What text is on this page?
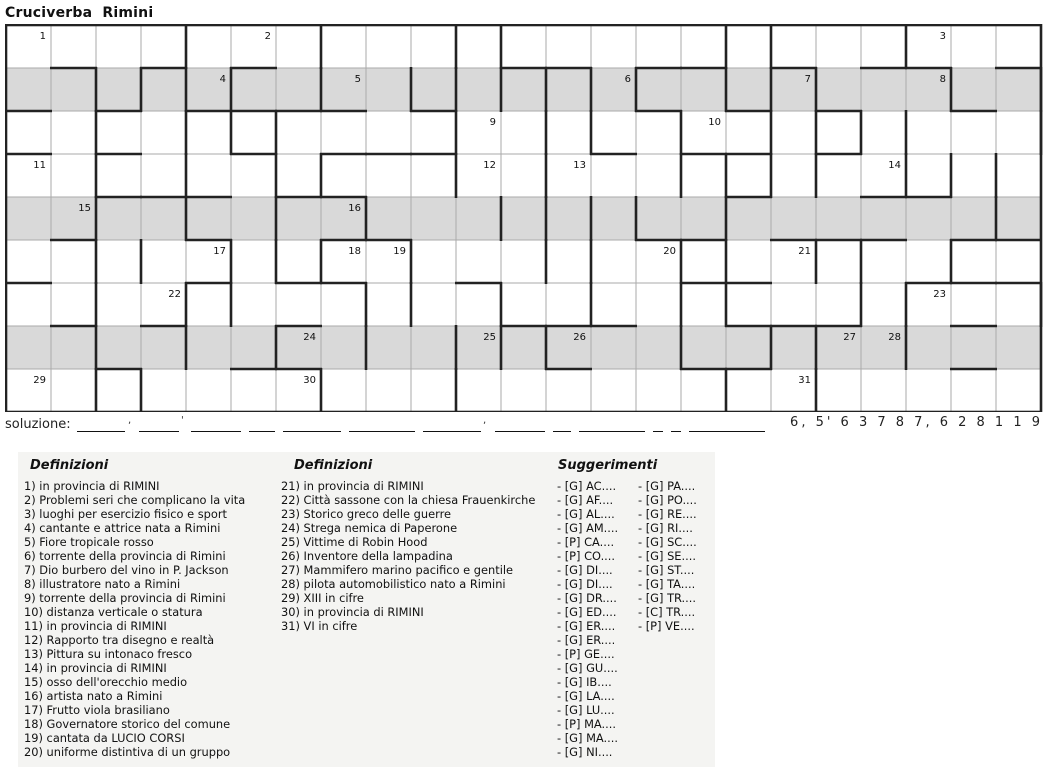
Cruciverba  Rimini
1	2	3
4	5	6	7	8
9	10
11	12	13	14
15	16
17	18	19	20	21
22	23
24	25	26	27	28
29	30	31
soluzione:	,	'	,	6, 5' 6 3 7 8 7, 6 2 8 1 1 9
Definizioni
1) in provincia di RIMINI
2) Problemi seri che complicano la vita
3) luoghi per esercizio fisico e sport
4) cantante e attrice nata a Rimini
5) Fiore tropicale rosso
6) torrente della provincia di Rimini
7) Dio burbero del vino in P. Jackson
8) illustratore nato a Rimini
9) torrente della provincia di Rimini
10) distanza verticale o statura
11) in provincia di RIMINI
12) Rapporto tra disegno e realtà
13) Pittura su intonaco fresco
14) in provincia di RIMINI
15) osso dell'orecchio medio
16) artista nato a Rimini
17) Frutto viola brasiliano
18) Governatore storico del comune
19) cantata da LUCIO CORSI
20) uniforme distintiva di un gruppo
Definizioni
21) in provincia di RIMINI
22) Città sassone con la chiesa Frauenkirche
23) Storico greco delle guerre
24) Strega nemica di Paperone
25) Vittime di Robin Hood
26) Inventore della lampadina
27) Mammifero marino pacifico e gentile
28) pilota automobilistico nato a Rimini
29) XIII in cifre
30) in provincia di RIMINI
31) VI in cifre
Suggerimenti
- [G] AC....
- [G] AF....
- [G] AL....
- [G] AM....
- [P] CA....
- [P] CO....
- [G] DI....
- [G] DI....
- [G] DR....
- [G] ED....
- [G] ER....
- [G] ER....
- [P] GE....
- [G] GU....
- [G] IB....
- [G] LA....
- [G] LU....
- [P] MA....
- [G] MA....
- [G] NI....
- [G] PA....
- [G] PO....
- [G] RE....
- [G] RI....
- [G] SC....
- [G] SE....
- [G] ST....
- [G] TA....
- [G] TR....
- [C] TR....
- [P] VE....
